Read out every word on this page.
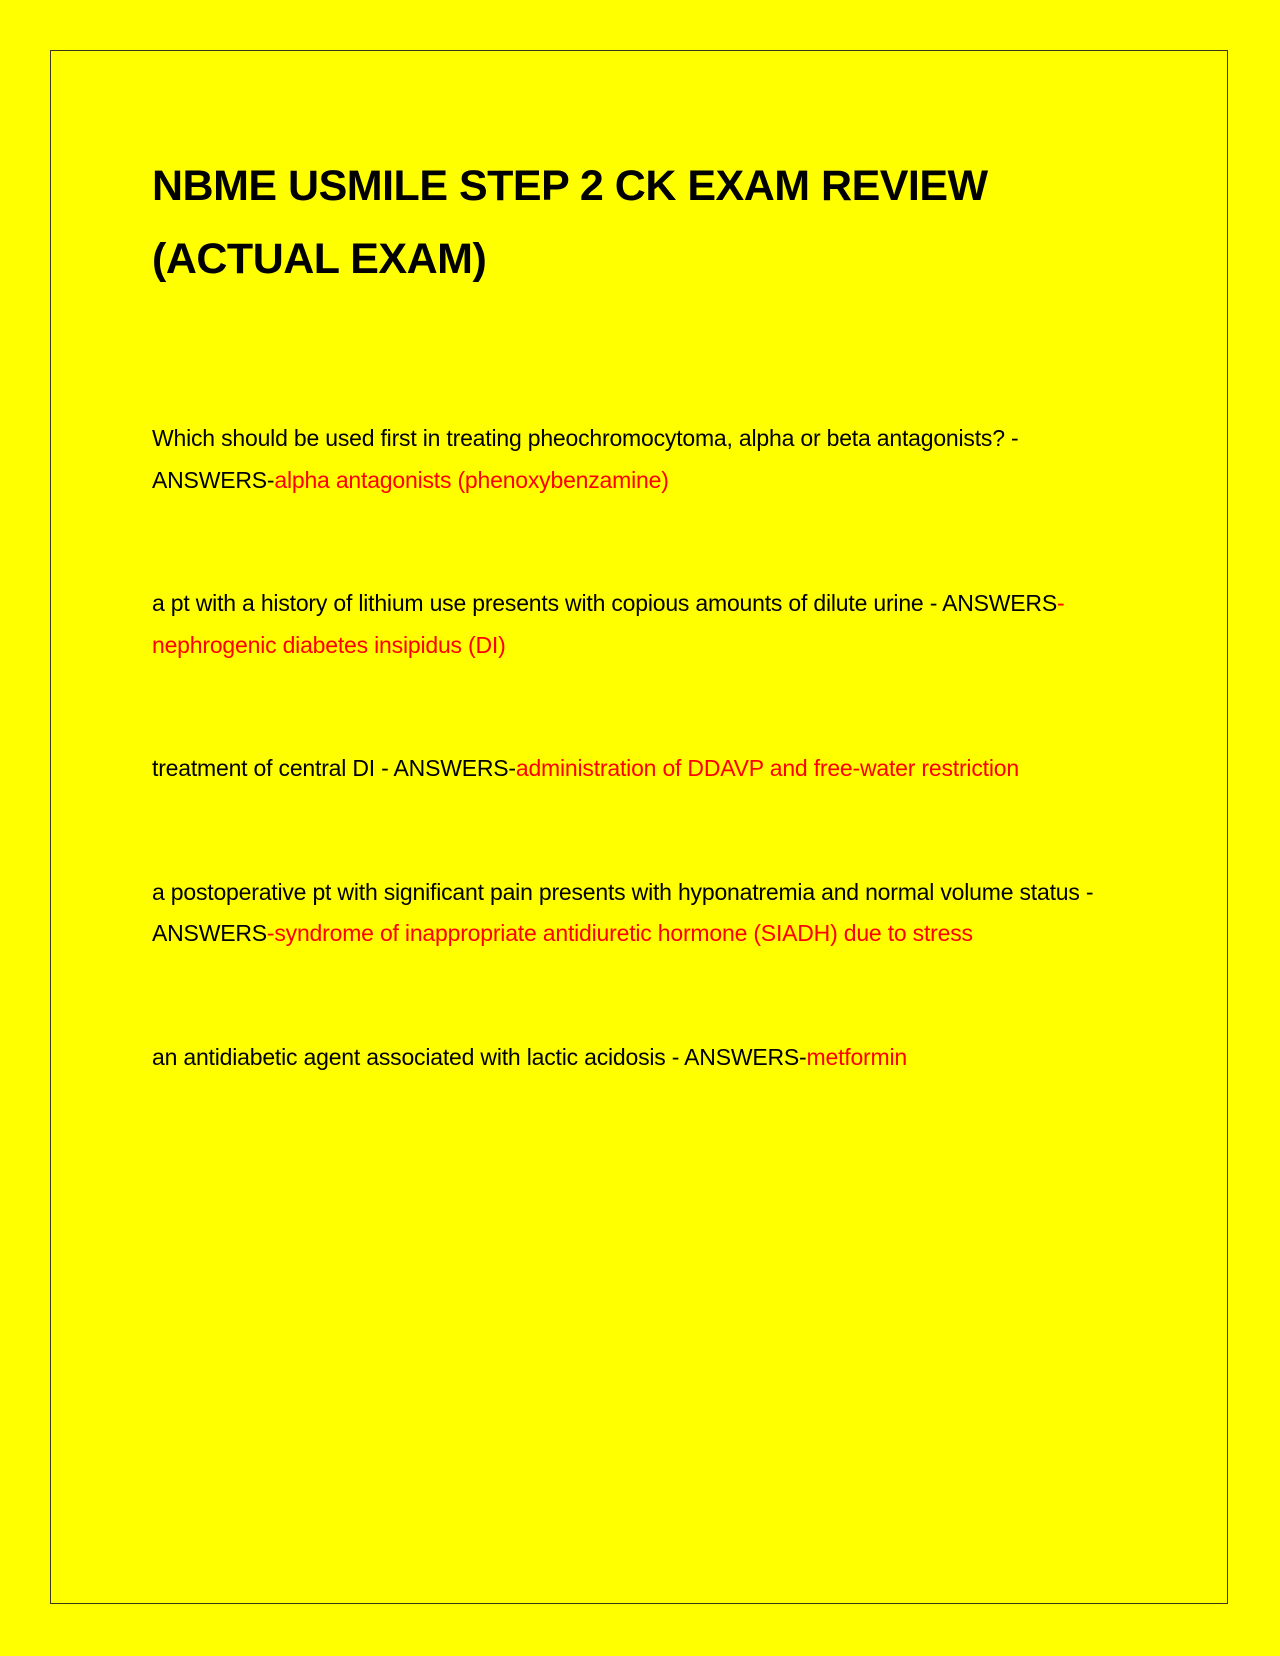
NBME USMILE STEP 2 CK EXAM REVIEW (ACTUAL EXAM)

Which should be used first in treating pheochromocytoma, alpha or beta antagonists? - ANSWERS-alpha antagonists (phenoxybenzamine)

a pt with a history of lithium use presents with copious amounts of dilute urine - ANSWERS-nephrogenic diabetes insipidus (DI)

treatment of central DI - ANSWERS-administration of DDAVP and free-water restriction

a postoperative pt with significant pain presents with hyponatremia and normal volume status - ANSWERS-syndrome of inappropriate antidiuretic hormone (SIADH) due to stress

an antidiabetic agent associated with lactic acidosis - ANSWERS-metformin
